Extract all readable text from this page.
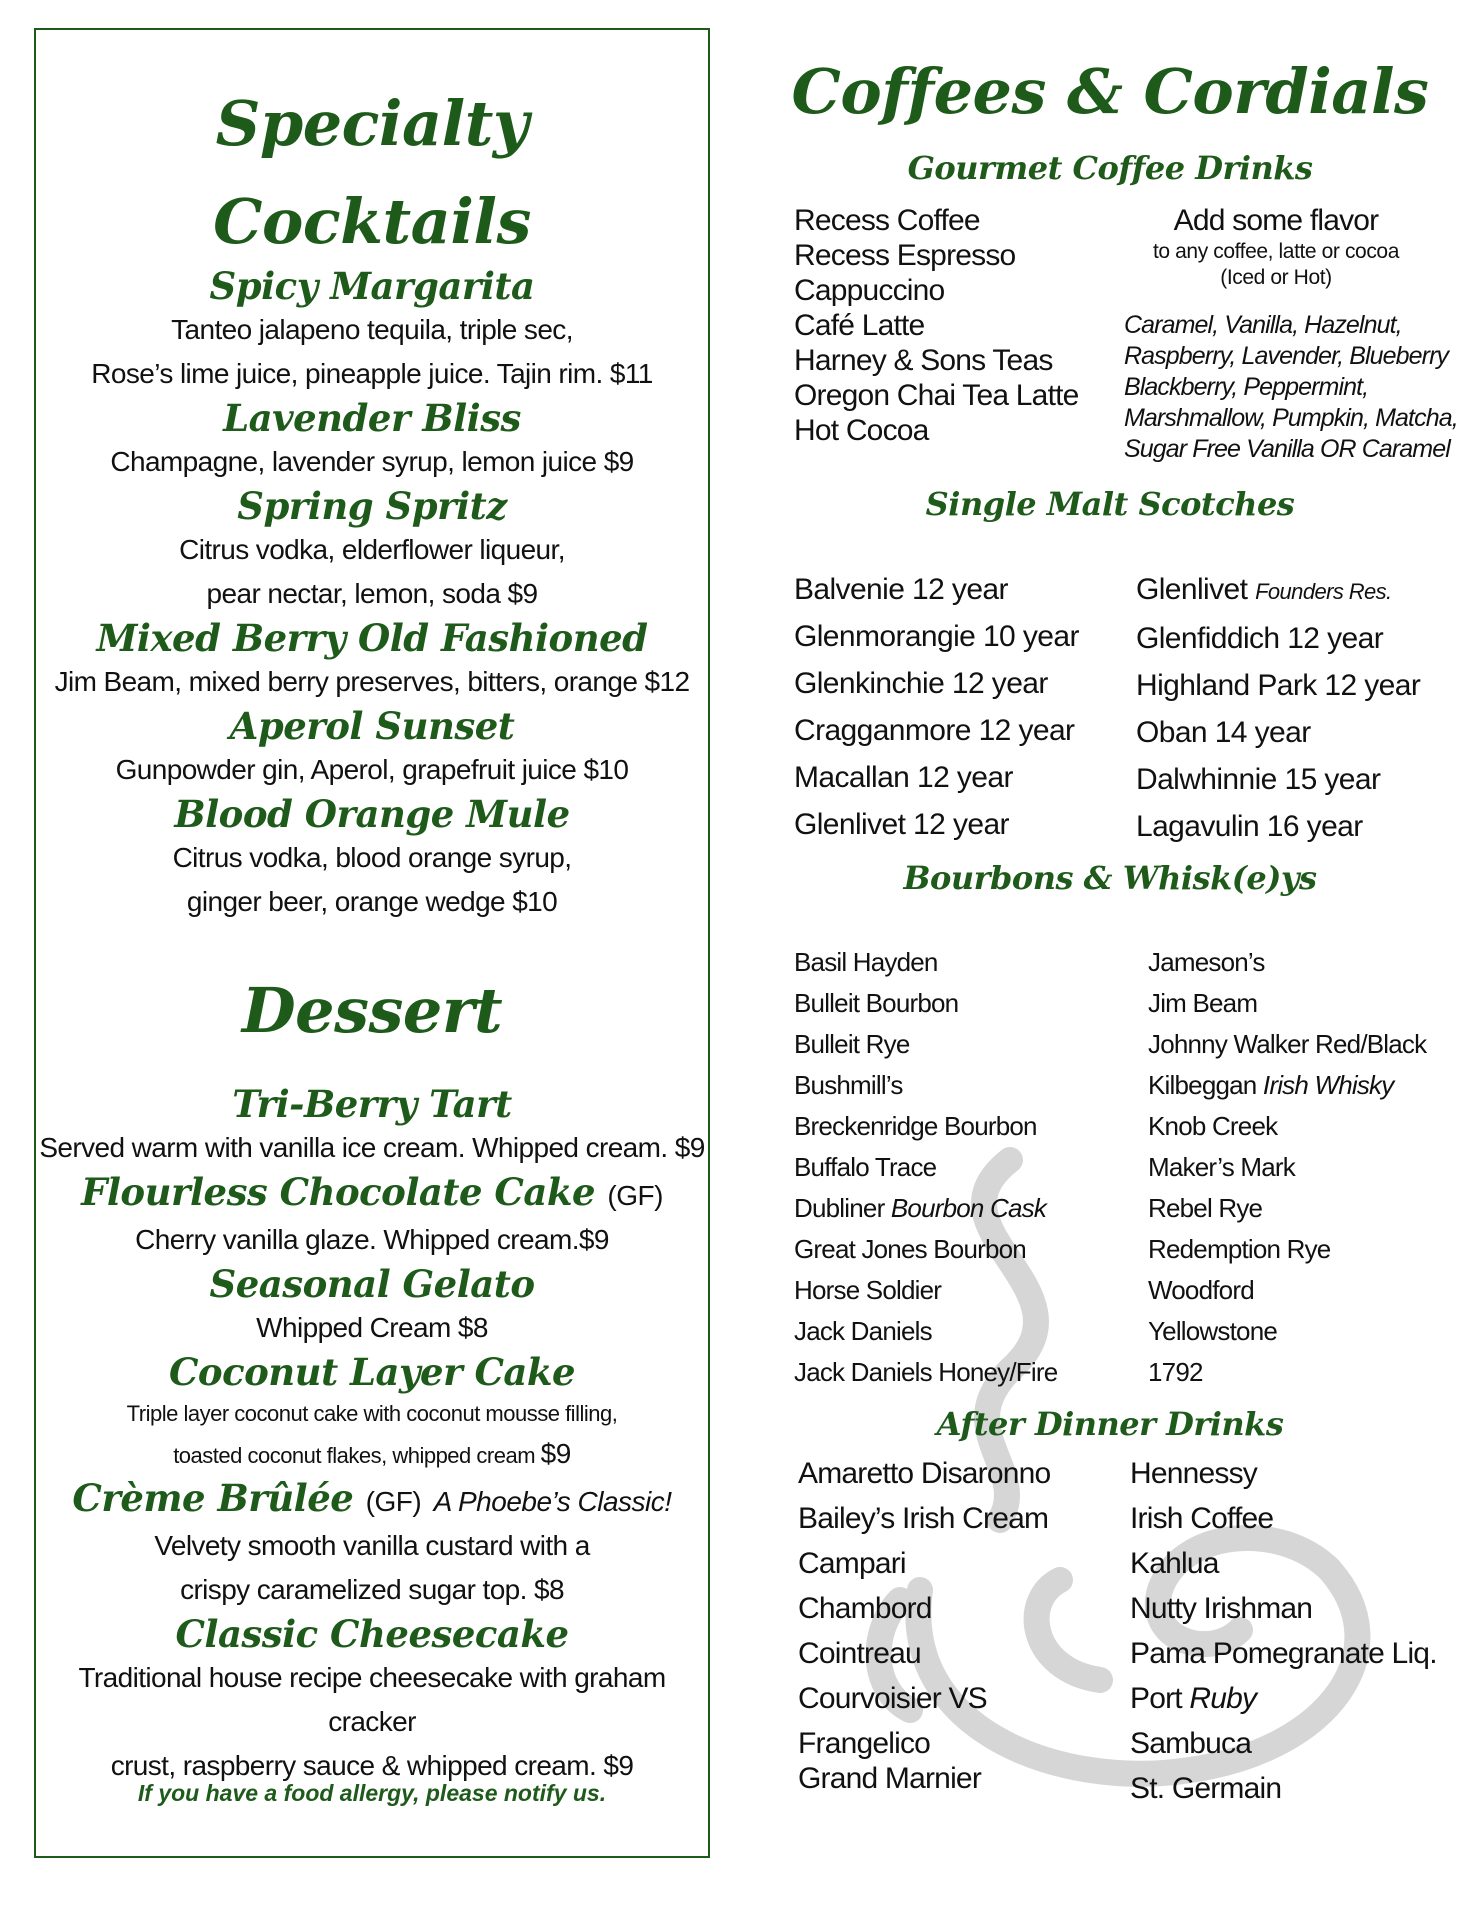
Specialty
Cocktails
Spicy Margarita
Tanteo jalapeno tequila, triple sec,
Rose’s lime juice, pineapple juice. Tajin rim. $11
Lavender Bliss
Champagne, lavender syrup, lemon juice $9
Spring Spritz
Citrus vodka, elderflower liqueur,
pear nectar, lemon, soda $9
Mixed Berry Old Fashioned
Jim Beam, mixed berry preserves, bitters, orange $12
Aperol Sunset
Gunpowder gin, Aperol, grapefruit juice $10
Blood Orange Mule
Citrus vodka, blood orange syrup,
ginger beer, orange wedge $10
Dessert
Tri-Berry Tart
Served warm with vanilla ice cream. Whipped cream. $9
Flourless Chocolate Cake (GF)
Cherry vanilla glaze. Whipped cream.$9
Seasonal Gelato
Whipped Cream $8
Coconut Layer Cake
Triple layer coconut cake with coconut mousse filling,
toasted coconut flakes, whipped cream $9
Crème Brûlée (GF) A Phoebe’s Classic!
Velvety smooth vanilla custard with a
crispy caramelized sugar top. $8
Classic Cheesecake
Traditional house recipe cheesecake with graham cracker
crust, raspberry sauce & whipped cream. $9
If you have a food allergy, please notify us.
Coffees & Cordials
Gourmet Coffee Drinks
Recess Coffee
Recess Espresso
Cappuccino
Café Latte
Harney & Sons Teas
Oregon Chai Tea Latte
Hot Cocoa
Add some flavor
to any coffee, latte or cocoa
(Iced or Hot)
Caramel, Vanilla, Hazelnut,
Raspberry, Lavender, Blueberry
Blackberry, Peppermint,
Marshmallow, Pumpkin, Matcha,
Sugar Free Vanilla OR Caramel
Single Malt Scotches
Balvenie 12 year
Glenmorangie 10 year
Glenkinchie 12 year
Cragganmore 12 year
Macallan 12 year
Glenlivet 12 year
Glenlivet Founders Res.
Glenfiddich 12 year
Highland Park 12 year
Oban 14 year
Dalwhinnie 15 year
Lagavulin 16 year
Bourbons & Whisk(e)ys
Basil Hayden
Bulleit Bourbon
Bulleit Rye
Bushmill’s
Breckenridge Bourbon
Buffalo Trace
Dubliner Bourbon Cask
Great Jones Bourbon
Horse Soldier
Jack Daniels
Jack Daniels Honey/Fire
Jameson’s
Jim Beam
Johnny Walker Red/Black
Kilbeggan Irish Whisky
Knob Creek
Maker’s Mark
Rebel Rye
Redemption Rye
Woodford
Yellowstone
1792
After Dinner Drinks
Amaretto Disaronno
Bailey’s Irish Cream
Campari
Chambord
Cointreau
Courvoisier VS
Frangelico
Grand Marnier
Hennessy
Irish Coffee
Kahlua
Nutty Irishman
Pama Pomegranate Liq.
Port Ruby
Sambuca
St. Germain
